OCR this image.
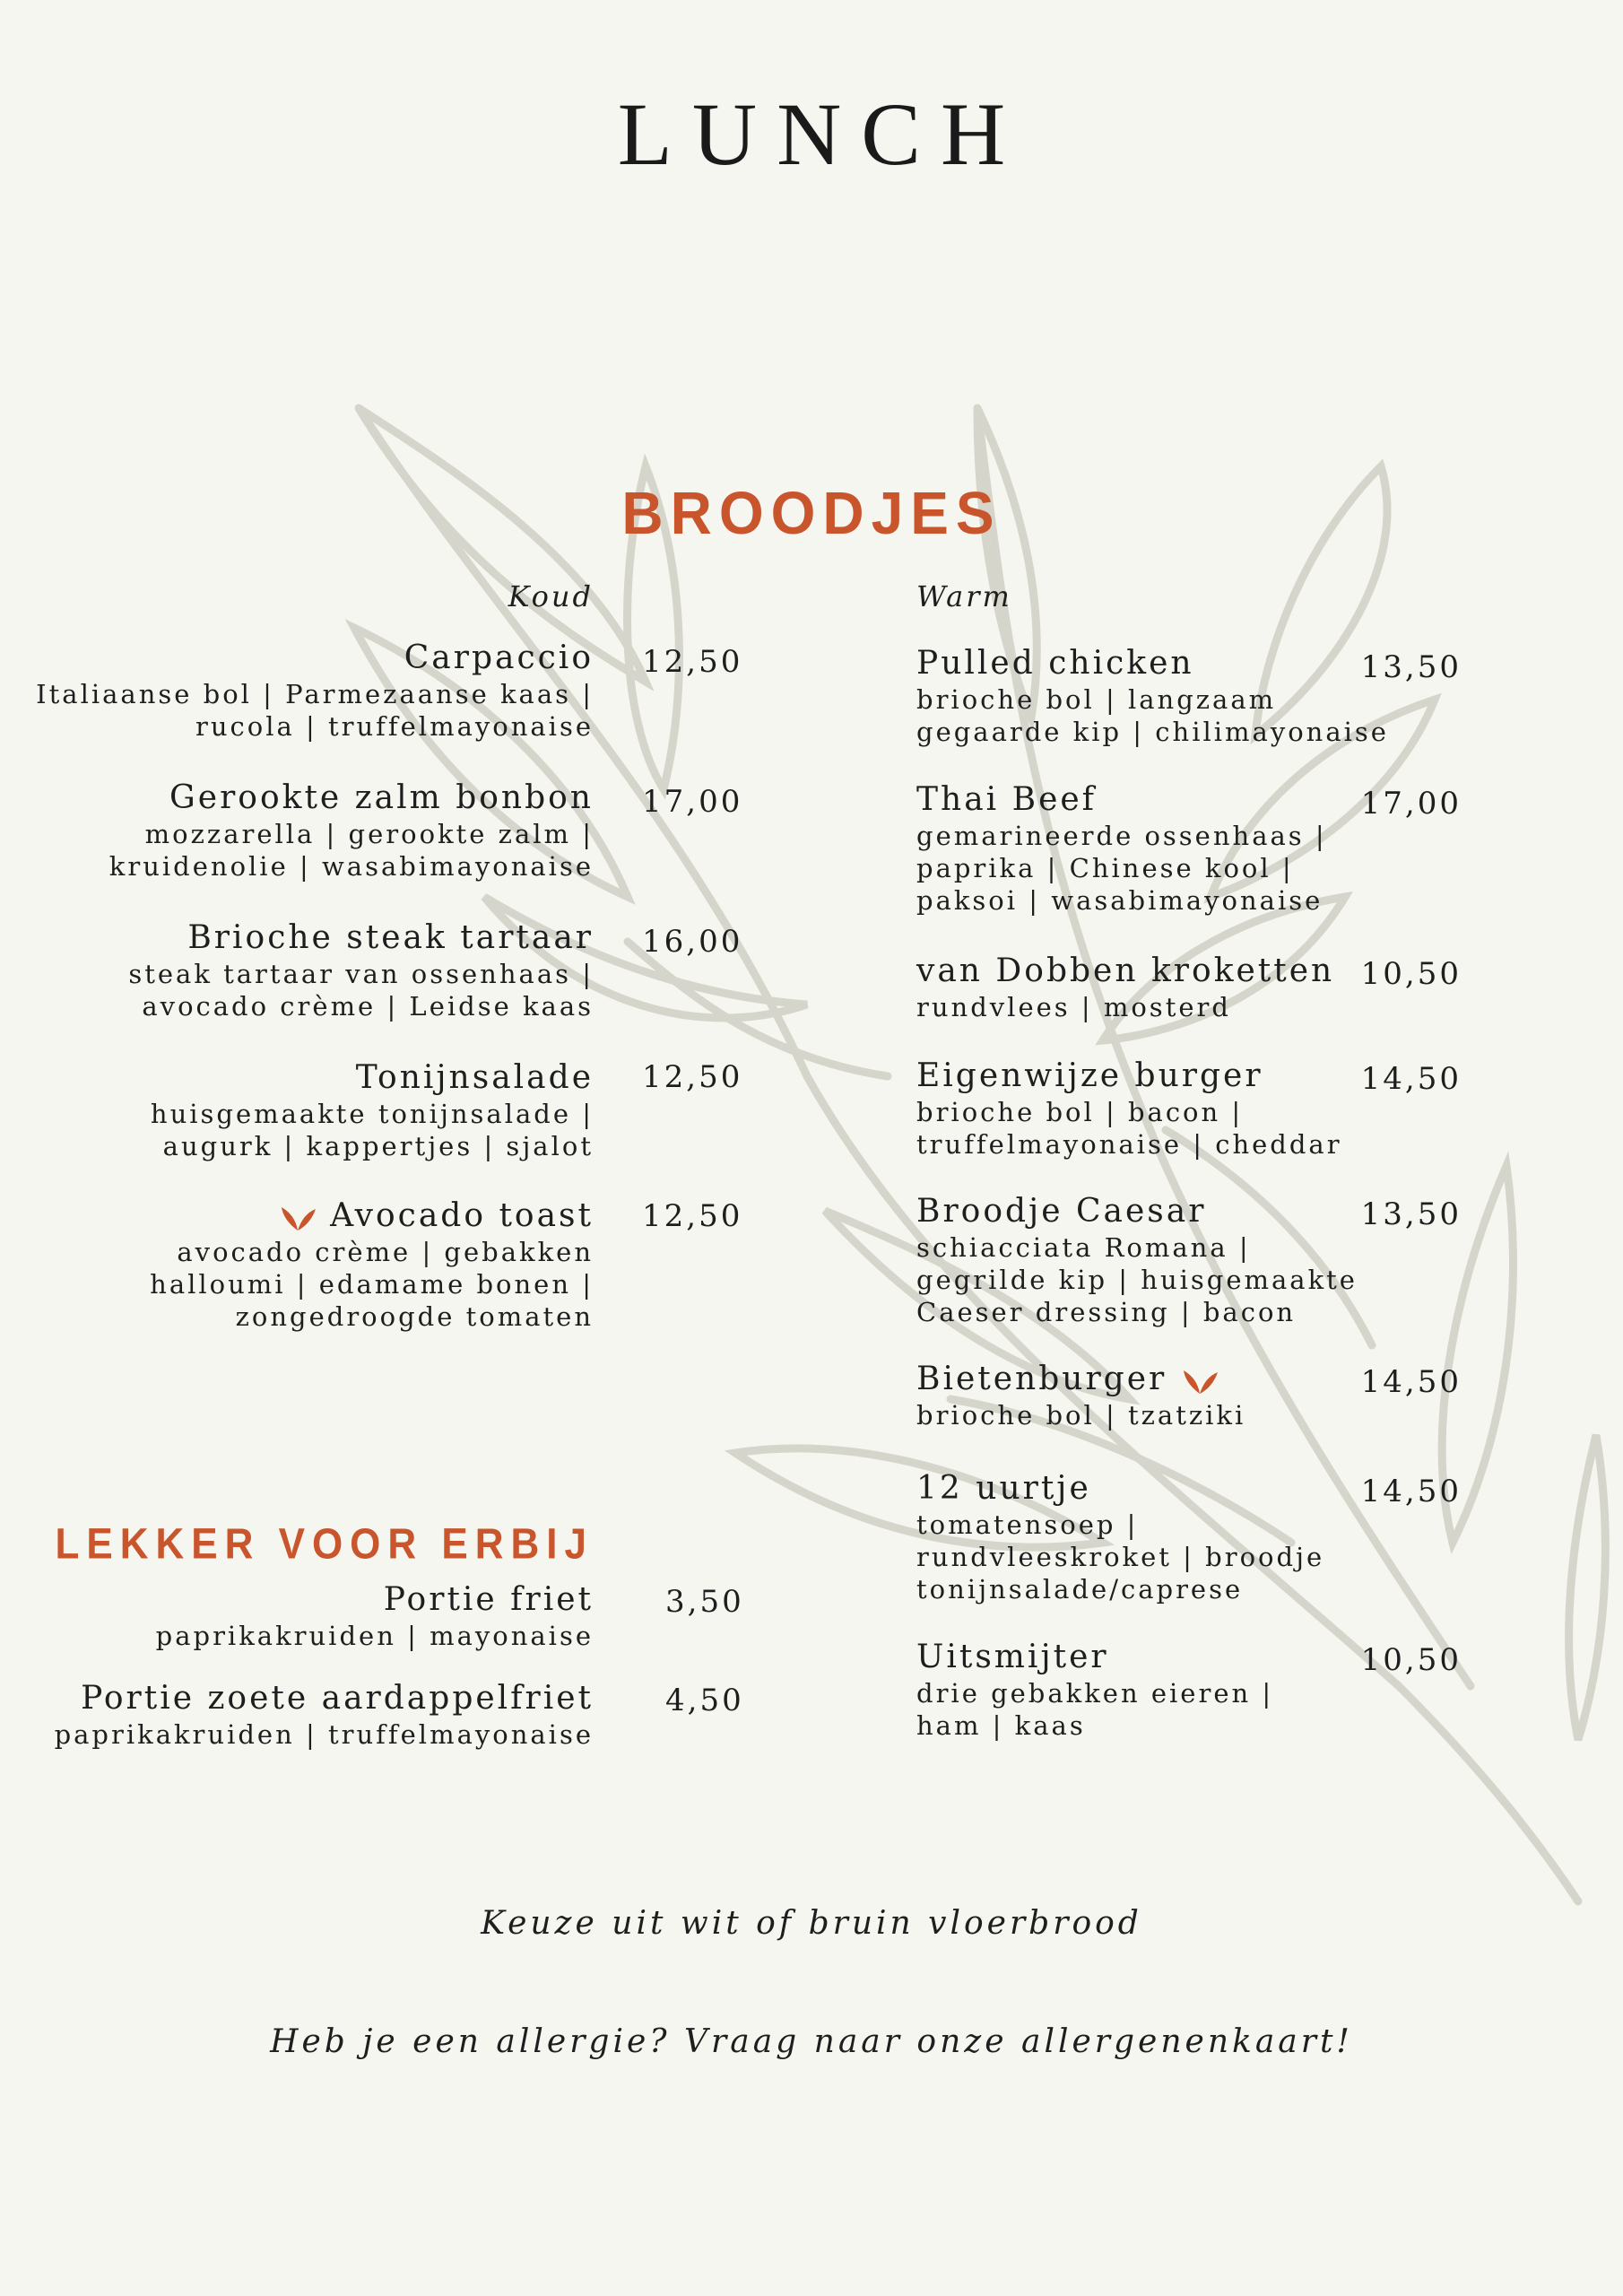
LUNCH
BROODJES
Koud	Warm
Carpaccio
Italiaanse bol | Parmezaanse kaas |
rucola | truffelmayonaise
12,50
Gerookte zalm bonbon
mozzarella | gerookte zalm |
kruidenolie | wasabimayonaise
17,00
Brioche steak tartaar
steak tartaar van ossenhaas |
avocado crème | Leidse kaas
16,00
Tonijnsalade
huisgemaakte tonijnsalade |
augurk | kappertjes | sjalot
12,50
Avocado toast
avocado crème | gebakken
halloumi | edamame bonen |
zongedroogde tomaten
12,50
Pulled chicken
brioche bol | langzaam
gegaarde kip | chilimayonaise
13,50
Thai Beef
gemarineerde ossenhaas |
paprika | Chinese kool |
paksoi | wasabimayonaise
17,00
van Dobben kroketten
rundvlees | mosterd
10,50
Eigenwijze burger
brioche bol | bacon |
truffelmayonaise | cheddar
14,50
Broodje Caesar
schiacciata Romana |
gegrilde kip | huisgemaakte
Caeser dressing | bacon
13,50
Bietenburger
brioche bol | tzatziki
14,50
12 uurtje
tomatensoep |
rundvleeskroket | broodje
tonijnsalade/caprese
14,50
Uitsmijter
drie gebakken eieren |
ham | kaas
10,50
LEKKER VOOR ERBIJ
Portie friet
paprikakruiden | mayonaise
3,50
Portie zoete aardappelfriet
paprikakruiden | truffelmayonaise
4,50
Keuze uit wit of bruin vloerbrood
Heb je een allergie? Vraag naar onze allergenenkaart!
